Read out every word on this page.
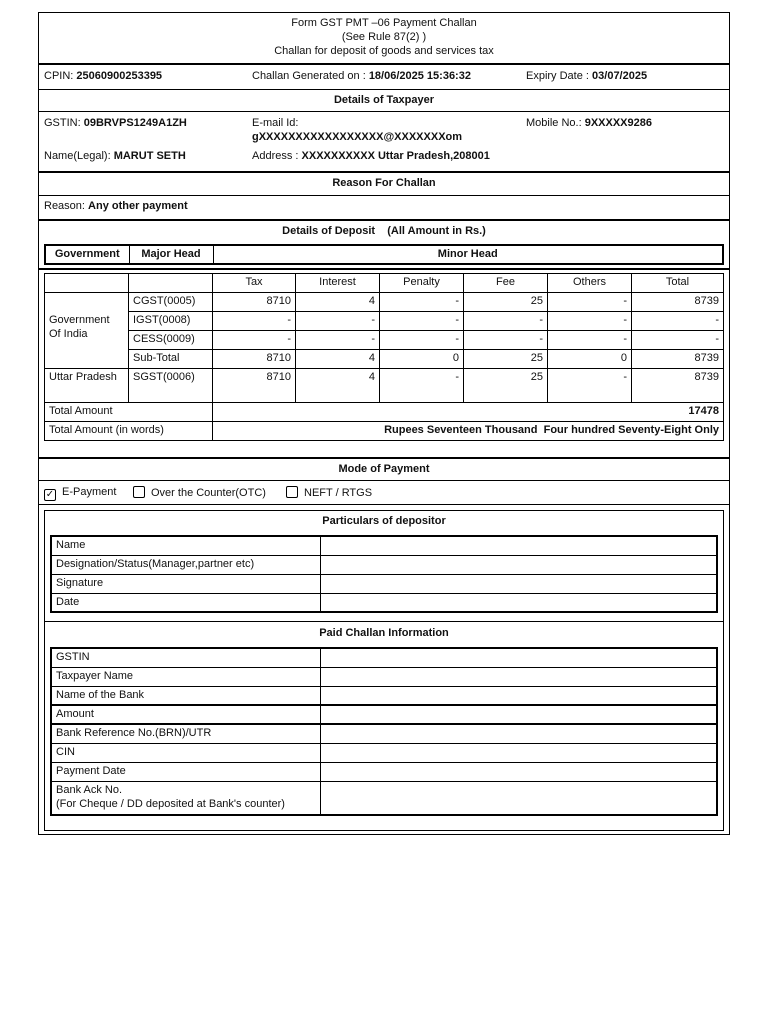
Form GST PMT –06 Payment Challan
(See Rule 87(2) )
Challan for deposit of goods and services tax
CPIN: 25060900253395	Challan Generated on : 18/06/2025 15:36:32	Expiry Date : 03/07/2025
Details of Taxpayer
GSTIN: 09BRVPS1249A1ZH	E-mail Id:
gXXXXXXXXXXXXXXXXX@XXXXXXXom
Mobile No.: 9XXXXX9286
Name(Legal): MARUT SETH	Address : XXXXXXXXXX Uttar Pradesh,208001
Reason For Challan
Reason: Any other payment
Details of Deposit    (All Amount in Rs.)
Government	Major Head	Minor Head
		Tax	Interest	Penalty	Fee	Others	Total
Government Of India	CGST(0005)	8710	4	-	25	-	8739
	IGST(0008)	-	-	-	-	-	-
	CESS(0009)	-	-	-	-	-	-
	Sub-Total	8710	4	0	25	0	8739
Uttar Pradesh	SGST(0006)	8710	4	-	25	-	8739
Total Amount		17478					
Total Amount (in words)		Rupees Seventeen Thousand  Four hundred Seventy-Eight Only					
Mode of Payment
✓ E-Payment	Over the Counter(OTC)	NEFT / RTGS
Particulars of depositor
Name	
Designation/Status(Manager,partner etc)	
Signature	
Date	
Paid Challan Information
GSTIN	
Taxpayer Name	
Name of the Bank	
Amount	
Bank Reference No.(BRN)/UTR	
CIN	
Payment Date	

Bank Ack No.
(For Cheque / DD deposited at Bank's counter)	
